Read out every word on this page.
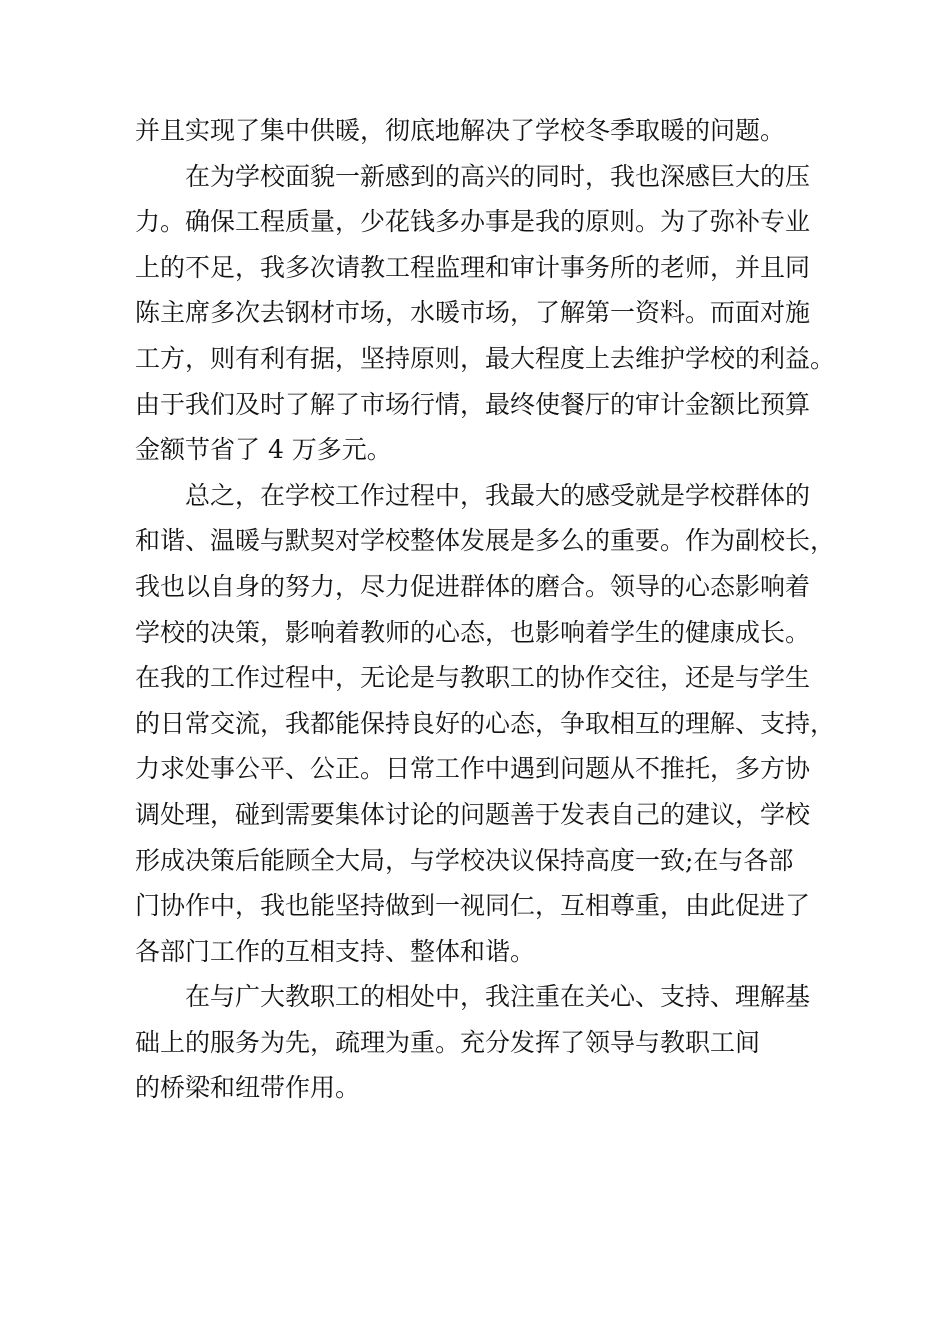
并且实现了集中供暖，彻底地解决了学校冬季取暖的问题。
在为学校面貌一新感到的高兴的同时，我也深感巨大的压
力。确保工程质量，少花钱多办事是我的原则。为了弥补专业
上的不足，我多次请教工程监理和审计事务所的老师，并且同
陈主席多次去钢材市场，水暖市场，了解第一资料。而面对施
工方，则有利有据，坚持原则，最大程度上去维护学校的利益。
由于我们及时了解了市场行情，最终使餐厅的审计金额比预算
金额节省了 4 万多元。
总之，在学校工作过程中，我最大的感受就是学校群体的
和谐、温暖与默契对学校整体发展是多么的重要。作为副校长，
我也以自身的努力，尽力促进群体的磨合。领导的心态影响着
学校的决策，影响着教师的心态，也影响着学生的健康成长。
在我的工作过程中，无论是与教职工的协作交往，还是与学生
的日常交流，我都能保持良好的心态，争取相互的理解、支持，
力求处事公平、公正。日常工作中遇到问题从不推托，多方协
调处理，碰到需要集体讨论的问题善于发表自己的建议，学校
形成决策后能顾全大局，与学校决议保持高度一致;在与各部
门协作中，我也能坚持做到一视同仁，互相尊重，由此促进了
各部门工作的互相支持、整体和谐。
在与广大教职工的相处中，我注重在关心、支持、理解基
础上的服务为先，疏理为重。充分发挥了领导与教职工间
的桥梁和纽带作用。
